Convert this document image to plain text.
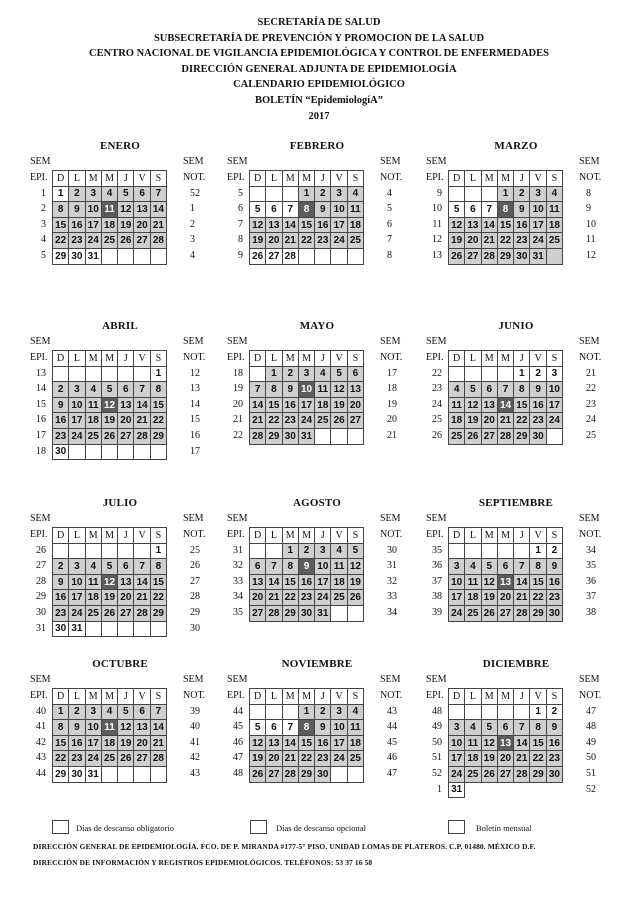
SECRETARÍA DE SALUD
SUBSECRETARÍA DE PREVENCIÓN Y PROMOCION DE LA SALUD
CENTRO NACIONAL DE VIGILANCIA EPIDEMIOLÓGICA Y CONTROL DE ENFERMEDADES
DIRECCIÓN GENERAL ADJUNTA DE EPIDEMIOLOGÍA
CALENDARIO EPIDEMIOLÓGICO
BOLETÍN “EpidemiologíA”
2017
ENERO
SEM	SEM
EPI.	NOT.
1	52
2	1
3	2
4	3
5	4
D	L	M	M	J	V	S
1	2	3	4	5	6	7
8	9	10	11	12	13	14
15	16	17	18	19	20	21
22	23	24	25	26	27	28
29	30	31				
FEBRERO
SEM	SEM
EPI.	NOT.
5	4
6	5
7	6
8	7
9	8
D	L	M	M	J	V	S
			1	2	3	4
5	6	7	8	9	10	11
12	13	14	15	16	17	18
19	20	21	22	23	24	25
26	27	28				
MARZO
SEM	SEM
EPI.	NOT.
9	8
10	9
11	10
12	11
13	12
D	L	M	M	J	V	S
			1	2	3	4
5	6	7	8	9	10	11
12	13	14	15	16	17	18
19	20	21	22	23	24	25
26	27	28	29	30	31	
ABRIL
SEM	SEM
EPI.	NOT.
13	12
14	13
15	14
16	15
17	16
18	17
D	L	M	M	J	V	S
						1
2	3	4	5	6	7	8
9	10	11	12	13	14	15
16	17	18	19	20	21	22
23	24	25	26	27	28	29
30						
MAYO
SEM	SEM
EPI.	NOT.
18	17
19	18
20	19
21	20
22	21
D	L	M	M	J	V	S
	1	2	3	4	5	6
7	8	9	10	11	12	13
14	15	16	17	18	19	20
21	22	23	24	25	26	27
28	29	30	31			
JUNIO
SEM	SEM
EPI.	NOT.
22	21
23	22
24	23
25	24
26	25
D	L	M	M	J	V	S
				1	2	3
4	5	6	7	8	9	10
11	12	13	14	15	16	17
18	19	20	21	22	23	24
25	26	27	28	29	30	
JULIO
SEM	SEM
EPI.	NOT.
26	25
27	26
28	27
29	28
30	29
31	30
D	L	M	M	J	V	S
						1
2	3	4	5	6	7	8
9	10	11	12	13	14	15
16	17	18	19	20	21	22
23	24	25	26	27	28	29
30	31					
AGOSTO
SEM	SEM
EPI.	NOT.
31	30
32	31
33	32
34	33
35	34
D	L	M	M	J	V	S
		1	2	3	4	5
6	7	8	9	10	11	12
13	14	15	16	17	18	19
20	21	22	23	24	25	26
27	28	29	30	31		
SEPTIEMBRE
SEM	SEM
EPI.	NOT.
35	34
36	35
37	36
38	37
39	38
D	L	M	M	J	V	S
					1	2
3	4	5	6	7	8	9
10	11	12	13	14	15	16
17	18	19	20	21	22	23
24	25	26	27	28	29	30
OCTUBRE
SEM	SEM
EPI.	NOT.
40	39
41	40
42	41
43	42
44	43
D	L	M	M	J	V	S
1	2	3	4	5	6	7
8	9	10	11	12	13	14
15	16	17	18	19	20	21
22	23	24	25	26	27	28
29	30	31				
NOVIEMBRE
SEM	SEM
EPI.	NOT.
44	43
45	44
46	45
47	46
48	47
D	L	M	M	J	V	S
			1	2	3	4
5	6	7	8	9	10	11
12	13	14	15	16	17	18
19	20	21	22	23	24	25
26	27	28	29	30		
DICIEMBRE
SEM	SEM
EPI.	NOT.
48	47
49	48
50	49
51	50
52	51
1	52
D	L	M	M	J	V	S
					1	2
3	4	5	6	7	8	9
10	11	12	13	14	15	16
17	18	19	20	21	22	23
24	25	26	27	28	29	30
31						
Días de descanso obligatorio	Días de descanso opcional	Boletín mensual
DIRECCIÓN GENERAL DE EPIDEMIOLOGÍA. FCO. DE P. MIRANDA #177-5° PISO. UNIDAD LOMAS DE PLATEROS. C.P. 01480. MÉXICO D.F.
DIRECCIÓN DE INFORMACIÓN Y REGISTROS EPIDEMIOLÓGICOS. TELÉFONOS: 53 37 16 58
